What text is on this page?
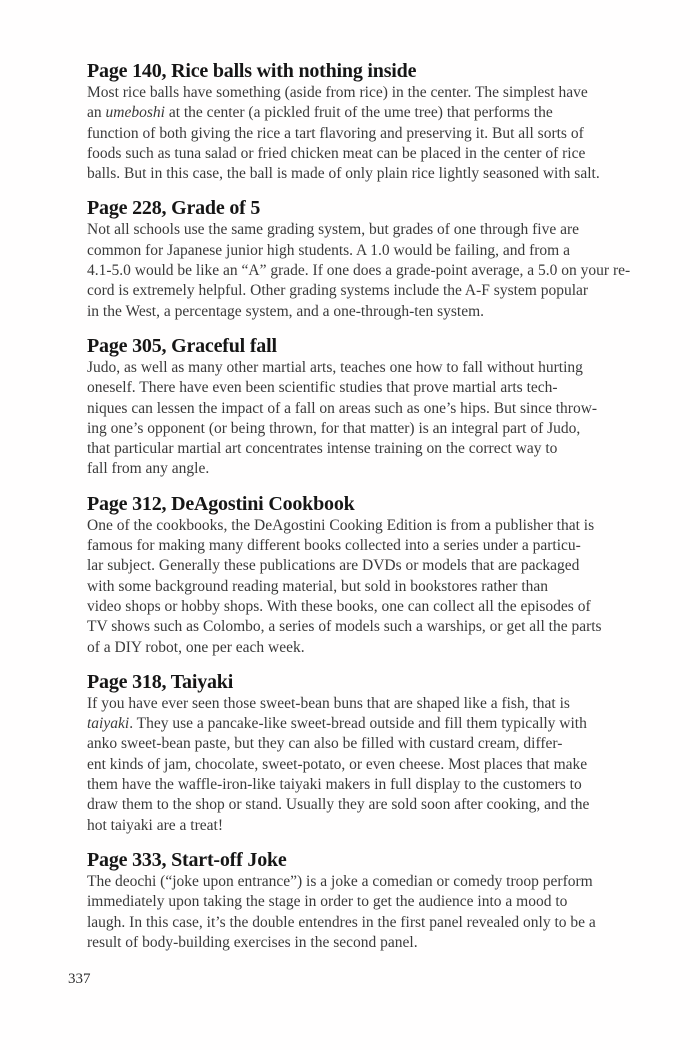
Page 140, Rice balls with nothing inside
Most rice balls have something (aside from rice) in the center. The simplest have
an umeboshi at the center (a pickled fruit of the ume tree) that performs the
function of both giving the rice a tart flavoring and preserving it. But all sorts of
foods such as tuna salad or fried chicken meat can be placed in the center of rice
balls. But in this case, the ball is made of only plain rice lightly seasoned with salt.
Page 228, Grade of 5
Not all schools use the same grading system, but grades of one through five are
common for Japanese junior high students. A 1.0 would be failing, and from a
4.1-5.0 would be like an “A” grade. If one does a grade-point average, a 5.0 on your re-
cord is extremely helpful. Other grading systems include the A-F system popular
in the West, a percentage system, and a one-through-ten system.
Page 305, Graceful fall
Judo, as well as many other martial arts, teaches one how to fall without hurting
oneself. There have even been scientific studies that prove martial arts tech-
niques can lessen the impact of a fall on areas such as one’s hips. But since throw-
ing one’s opponent (or being thrown, for that matter) is an integral part of Judo,
that particular martial art concentrates intense training on the correct way to
fall from any angle.
Page 312, DeAgostini Cookbook
One of the cookbooks, the DeAgostini Cooking Edition is from a publisher that is
famous for making many different books collected into a series under a particu-
lar subject. Generally these publications are DVDs or models that are packaged
with some background reading material, but sold in bookstores rather than
video shops or hobby shops. With these books, one can collect all the episodes of
TV shows such as Colombo, a series of models such a warships, or get all the parts
of a DIY robot, one per each week.
Page 318, Taiyaki
If you have ever seen those sweet-bean buns that are shaped like a fish, that is
taiyaki. They use a pancake-like sweet-bread outside and fill them typically with
anko sweet-bean paste, but they can also be filled with custard cream, differ-
ent kinds of jam, chocolate, sweet-potato, or even cheese. Most places that make
them have the waffle-iron-like taiyaki makers in full display to the customers to
draw them to the shop or stand. Usually they are sold soon after cooking, and the
hot taiyaki are a treat!
Page 333, Start-off Joke
The deochi (“joke upon entrance”) is a joke a comedian or comedy troop perform
immediately upon taking the stage in order to get the audience into a mood to
laugh. In this case, it’s the double entendres in the first panel revealed only to be a
result of body-building exercises in the second panel.
337
